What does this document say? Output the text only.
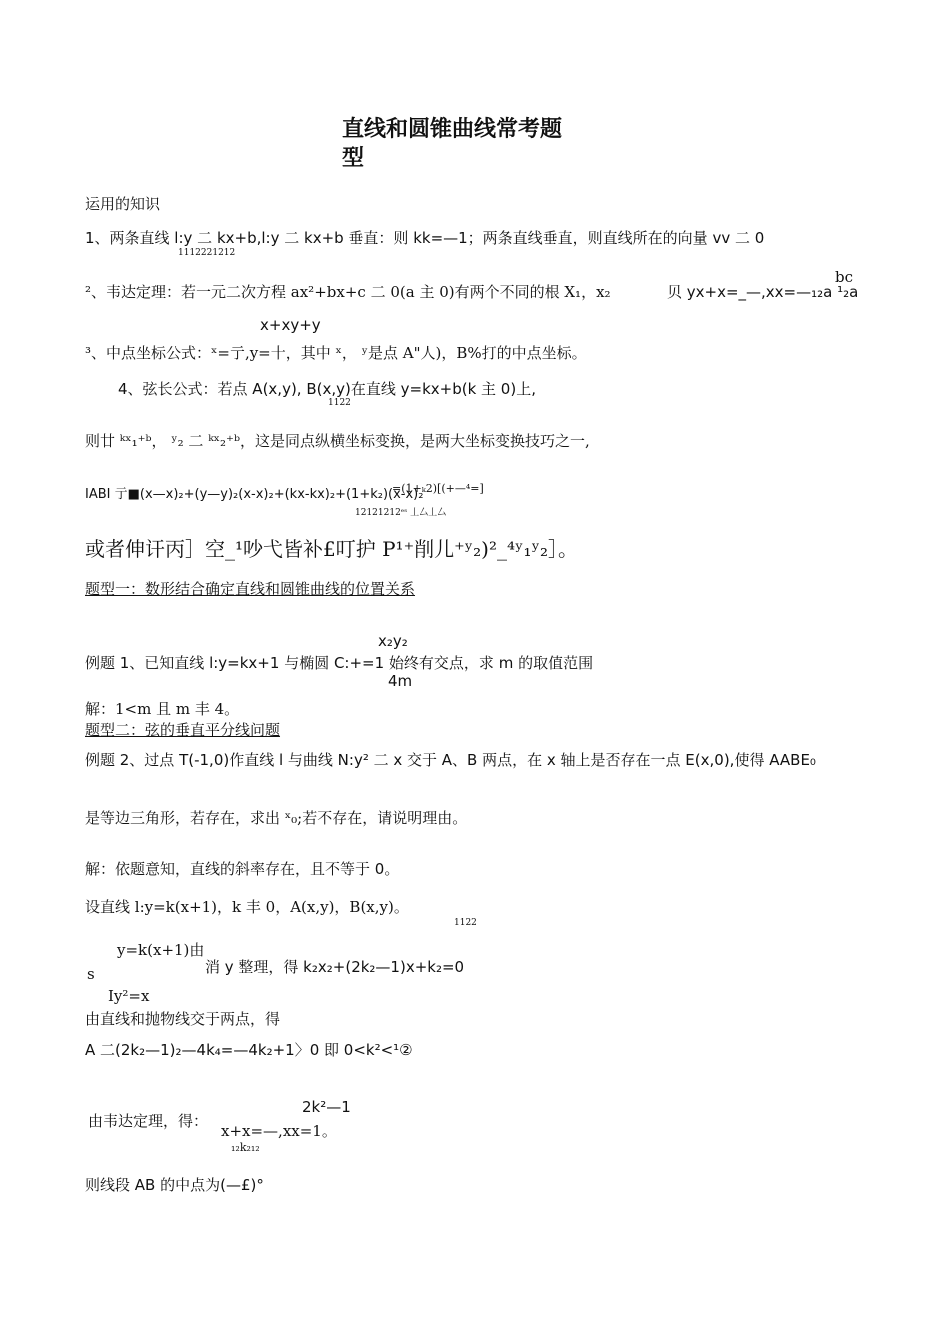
直线和圆锥曲线常考题
型
运用的知识
1、两条直线 l:y 二 kx+b,l:y 二 kx+b 垂直：则 kk=—1；两条直线垂直，则直线所在的向量 vv 二 0
1112221212
bc
²、韦达定理：若一元二次方程 ax²+bx+c 二 0(a 主 0)有两个不同的根 X₁，x₂	贝 yx+x=_—,xx=—₁₂a ¹₂a
x+xy+y
³、中点坐标公式：ˣ=亍,y=十，其中 ˣ， ʸ是点 A"人)，B%打的中点坐标。
4、弦长公式：若点 A(x,y), B(x,y)在直线 y=kx+b(k 主 0)上,
1122
则廿 ᵏˣ₁⁺ᵇ， ʸ₂ 二 ᵏˣ₂⁺ᵇ，这是同点纵横坐标变换，是两大坐标变换技巧之一,
IABI 亍■(x—x)₂+(y—y)₂(x-x)₂+(kx-kx)₂+(1+k₂)(x-x)₂
=(1+ₖ2)[(+—⁴=]
12121212ᵉˢ 丄厶丄厶
或者伸讦丙］空_¹吵弋皆补£叮护 P¹⁺削儿⁺ʸ₂)²_⁴ʸ₁ʸ₂］。
题型一：数形结合确定直线和圆锥曲线的位置关系
x₂y₂
例题 1、已知直线 l:y=kx+1 与椭圆 C:+=1 始终有交点，求 m 的取值范围
4m
解：1<m 且 m 丰 4。
题型二：弦的垂直平分线问题
例题 2、过点 T(-1,0)作直线 l 与曲线 N:y² 二 x 交于 A、B 两点，在 x 轴上是否存在一点 E(x,0),使得 AABE₀
是等边三角形，若存在，求出 ˣ₀;若不存在，请说明理由。
解：依题意知，直线的斜率存在，且不等于 0。
设直线 l:y=k(x+1)，k 丰 0，A(x,y)，B(x,y)。
1122
y=k(x+1)由
s	消 y 整理，得 k₂x₂+(2k₂—1)x+k₂=0
Iy²=x
由直线和抛物线交于两点，得
A 二(2k₂—1)₂—4k₄=—4k₂+1〉0 即 0<k²<¹②
2k²—1
由韦达定理，得：
x+x=—,xx=1。
₁₂k₂₁₂
则线段 AB 的中点为(—£)°
